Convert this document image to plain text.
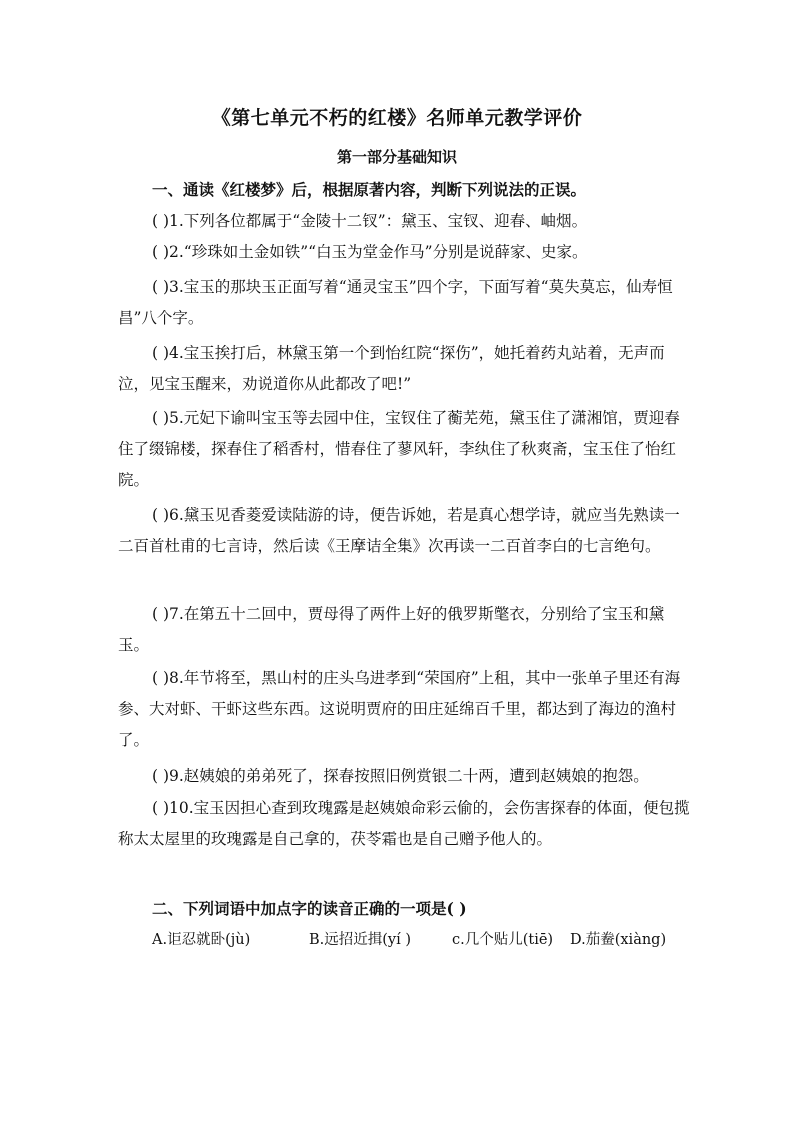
《第七单元不朽的红楼》名师单元教学评价
第一部分基础知识
一、通读《红楼梦》后，根据原著内容，判断下列说法的正误。

( )1.下列各位都属于“金陵十二钗”：黛玉、宝钗、迎春、岫烟。

( )2.“珍珠如土金如铁”“白玉为堂金作马”分别是说薛家、史家。

( )3.宝玉的那块玉正面写着“通灵宝玉”四个字，下面写着“莫失莫忘，仙寿恒昌”八个字。

( )4.宝玉挨打后，林黛玉第一个到怡红院“探伤”，她托着药丸站着，无声而泣，见宝玉醒来，劝说道你从此都改了吧!”

( )5.元妃下谕叫宝玉等去园中住，宝钗住了蘅芜苑，黛玉住了潇湘馆，贾迎春住了缀锦楼，探春住了稻香村，惜春住了蓼风轩，李纨住了秋爽斋，宝玉住了怡红院。

( )6.黛玉见香菱爱读陆游的诗，便告诉她，若是真心想学诗，就应当先熟读一二百首杜甫的七言诗，然后读《王摩诘全集》次再读一二百首李白的七言绝句。

( )7.在第五十二回中，贾母得了两件上好的俄罗斯氅衣，分别给了宝玉和黛玉。

( )8.年节将至，黑山村的庄头乌进孝到“荣国府”上租，其中一张单子里还有海参、大对虾、干虾这些东西。这说明贾府的田庄延绵百千里，都达到了海边的渔村了。

( )9.赵姨娘的弟弟死了，探春按照旧例赏银二十两，遭到赵姨娘的抱怨。

( )10.宝玉因担心查到玫瑰露是赵姨娘命彩云偷的，会伤害探春的体面，便包揽称太太屋里的玫瑰露是自己拿的，茯苓霜也是自己赠予他人的。

二、下列词语中加点字的读音正确的一项是( )
A.讵忍就卧(jù)	B.远招近揖(yí )	c.几个贴儿(tiē) D.茄鲞(xiàng)
